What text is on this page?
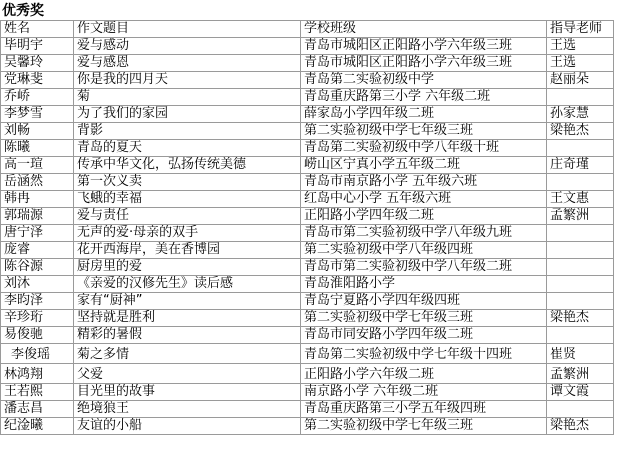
优秀奖
姓名	作文题目	学校班级	指导老师
毕明宇	爱与感动	青岛市城阳区正阳路小学六年级三班	王选
吴馨玲	爱与感恩	青岛市城阳区正阳路小学六年级三班	王选
党琳斐	你是我的四月天	青岛第二实验初级中学	赵丽朵
乔峤	菊	青岛重庆路第三小学 六年级二班	
李梦雪	为了我们的家园	薛家岛小学四年级二班	孙家慧
刘畅	背影	第二实验初级中学七年级三班	梁艳杰
陈曦	青岛的夏天	青岛第二实验初级中学八年级十班	
高一瑄	传承中华文化，弘扬传统美德	崂山区宁真小学五年级二班	庄奇瑾
岳涵然	第一次义卖	青岛市南京路小学 五年级六班	
韩冉	飞蛾的幸福	红岛中心小学 五年级六班	王文惠
郭瑞源	爱与责任	正阳路小学四年级二班	孟繁洲
唐宁泽	无声的爱·母亲的双手	青岛市第二实验初级中学八年级九班	
庞睿	花开西海岸，美在香博园	第二实验初级中学八年级四班	
陈谷源	厨房里的爱	青岛市第二实验初级中学八年级二班	
刘沐	《亲爱的汉修先生》读后感	青岛淮阳路小学	
李昀泽	家有“厨神”	青岛宁夏路小学四年级四班	
辛珍珩	坚持就是胜利	第二实验初级中学七年级三班	梁艳杰
易俊驰	精彩的暑假	青岛市同安路小学四年级二班	
李俊瑶	菊之多情	青岛第二实验初级中学七年级十四班	崔贤
林鸿翔	父爱	正阳路小学六年级二班	孟繁洲
王若熙	目光里的故事	南京路小学 六年级二班	谭文霞
潘志昌	绝境狼王	青岛重庆路第三小学五年级四班	
纪淦曦	友谊的小船	第二实验初级中学七年级三班	梁艳杰
